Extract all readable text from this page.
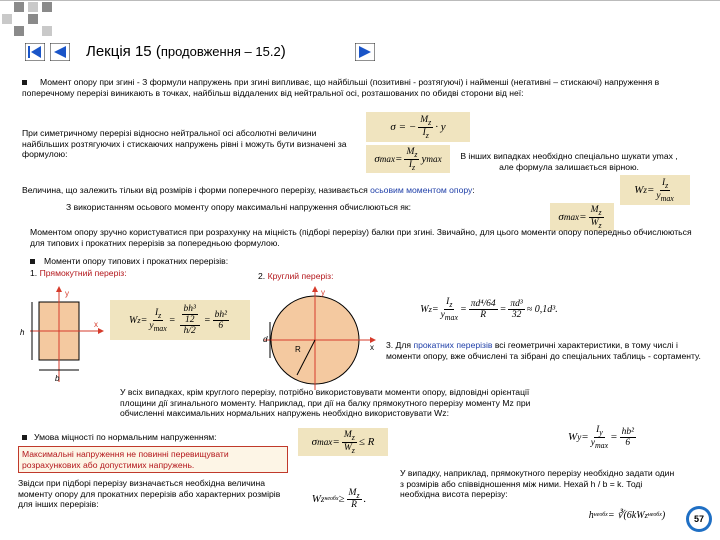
Лекція 15 (продовження – 15.2)
Момент опору при згині - З формули напружень при згині випливає, що найбільші (позитивні - розтягуючі) і найменші (негативні – стискаючі) напруження в поперечному перерізі виникають в точках, найбільш віддалених від нейтральної осі, розташованих по обидві сторони від неї:
σ = − $\frac{M_z}{I_z} \cdot y$
При симетричному перерізі відносно нейтральної осі абсолютні величини найбільших розтягуючих і стискаючих напружень рівні і можуть бути визначені за формулою:	σ $\max = \frac{M_z}{I_z}$ y max	В інших випадках необхідно спеціально шукати ymax , але формула залишається вірною.
Величина, що залежить тільки від розмірів і форми поперечного перерізу, називається осьовим моментом опору:	W $z = \frac{I_z}{y_{max}}$
З використанням осьового моменту опору максимальні напруження обчислюються як:
σ $\max = \frac{M_z}{W_z}$
Моментом опору зручно користуватися при розрахунку на міцність (підборі перерізу) балки при згині. Звичайно, для цього моменти опору попередньо обчислюються для типових і прокатних перерізів за попередньою формулою.
Моменти опору типових і прокатних перерізів:
1. Прямокутний переріз:	2. Круглий переріз:
y
x
h
b
W $z = \frac{I_z}{y_{max}} = \frac{\frac{\text{bh³}}{12}}{h/2} = \frac{\text{bh²}}{6}$
y
x
d
R
W $z = \frac{I_z}{y_{max}} = \frac{\text{πd⁴/64}}{R} = \frac{\text{πd³}}{32} \approx 0,1d^3$.
3. Для прокатних перерізів всі геометричні характеристики, в тому числі і моменти опору, вже обчислені та зібрані до спеціальних таблиць - сортаменту.
У всіх випадках, крім круглого перерізу, потрібно використовувати моменти опору, відповідні орієнтації площини дії згинального моменту. Наприклад, при дії на балку прямокутного перерізу моменту Mz при обчисленні максимальних нормальних напружень необхідно використовувати Wz:
Умова міцності по нормальним напруженням:	W $y = \frac{I_y}{y_{max}} = \frac{\text{hb²}}{6}$
σ $\max = \frac{M_z}{W_z} \le R$
Максимальні напруження не повинні перевищувати розрахункових або допустимих напружень.
Звідси при підборі перерізу визначається необхідна величина моменту опору для прокатних перерізів або характерних розмірів для інших перерізів:	W z необх ≥ $\frac{M_z}{R}$ .
У випадку, наприклад, прямокутного перерізу необхідно задати один з розмірів або співвідношення між ними. Нехай h / b = k. Тоді необхідна висота перерізу:
h необх = ∛(6kW z необх )	57
